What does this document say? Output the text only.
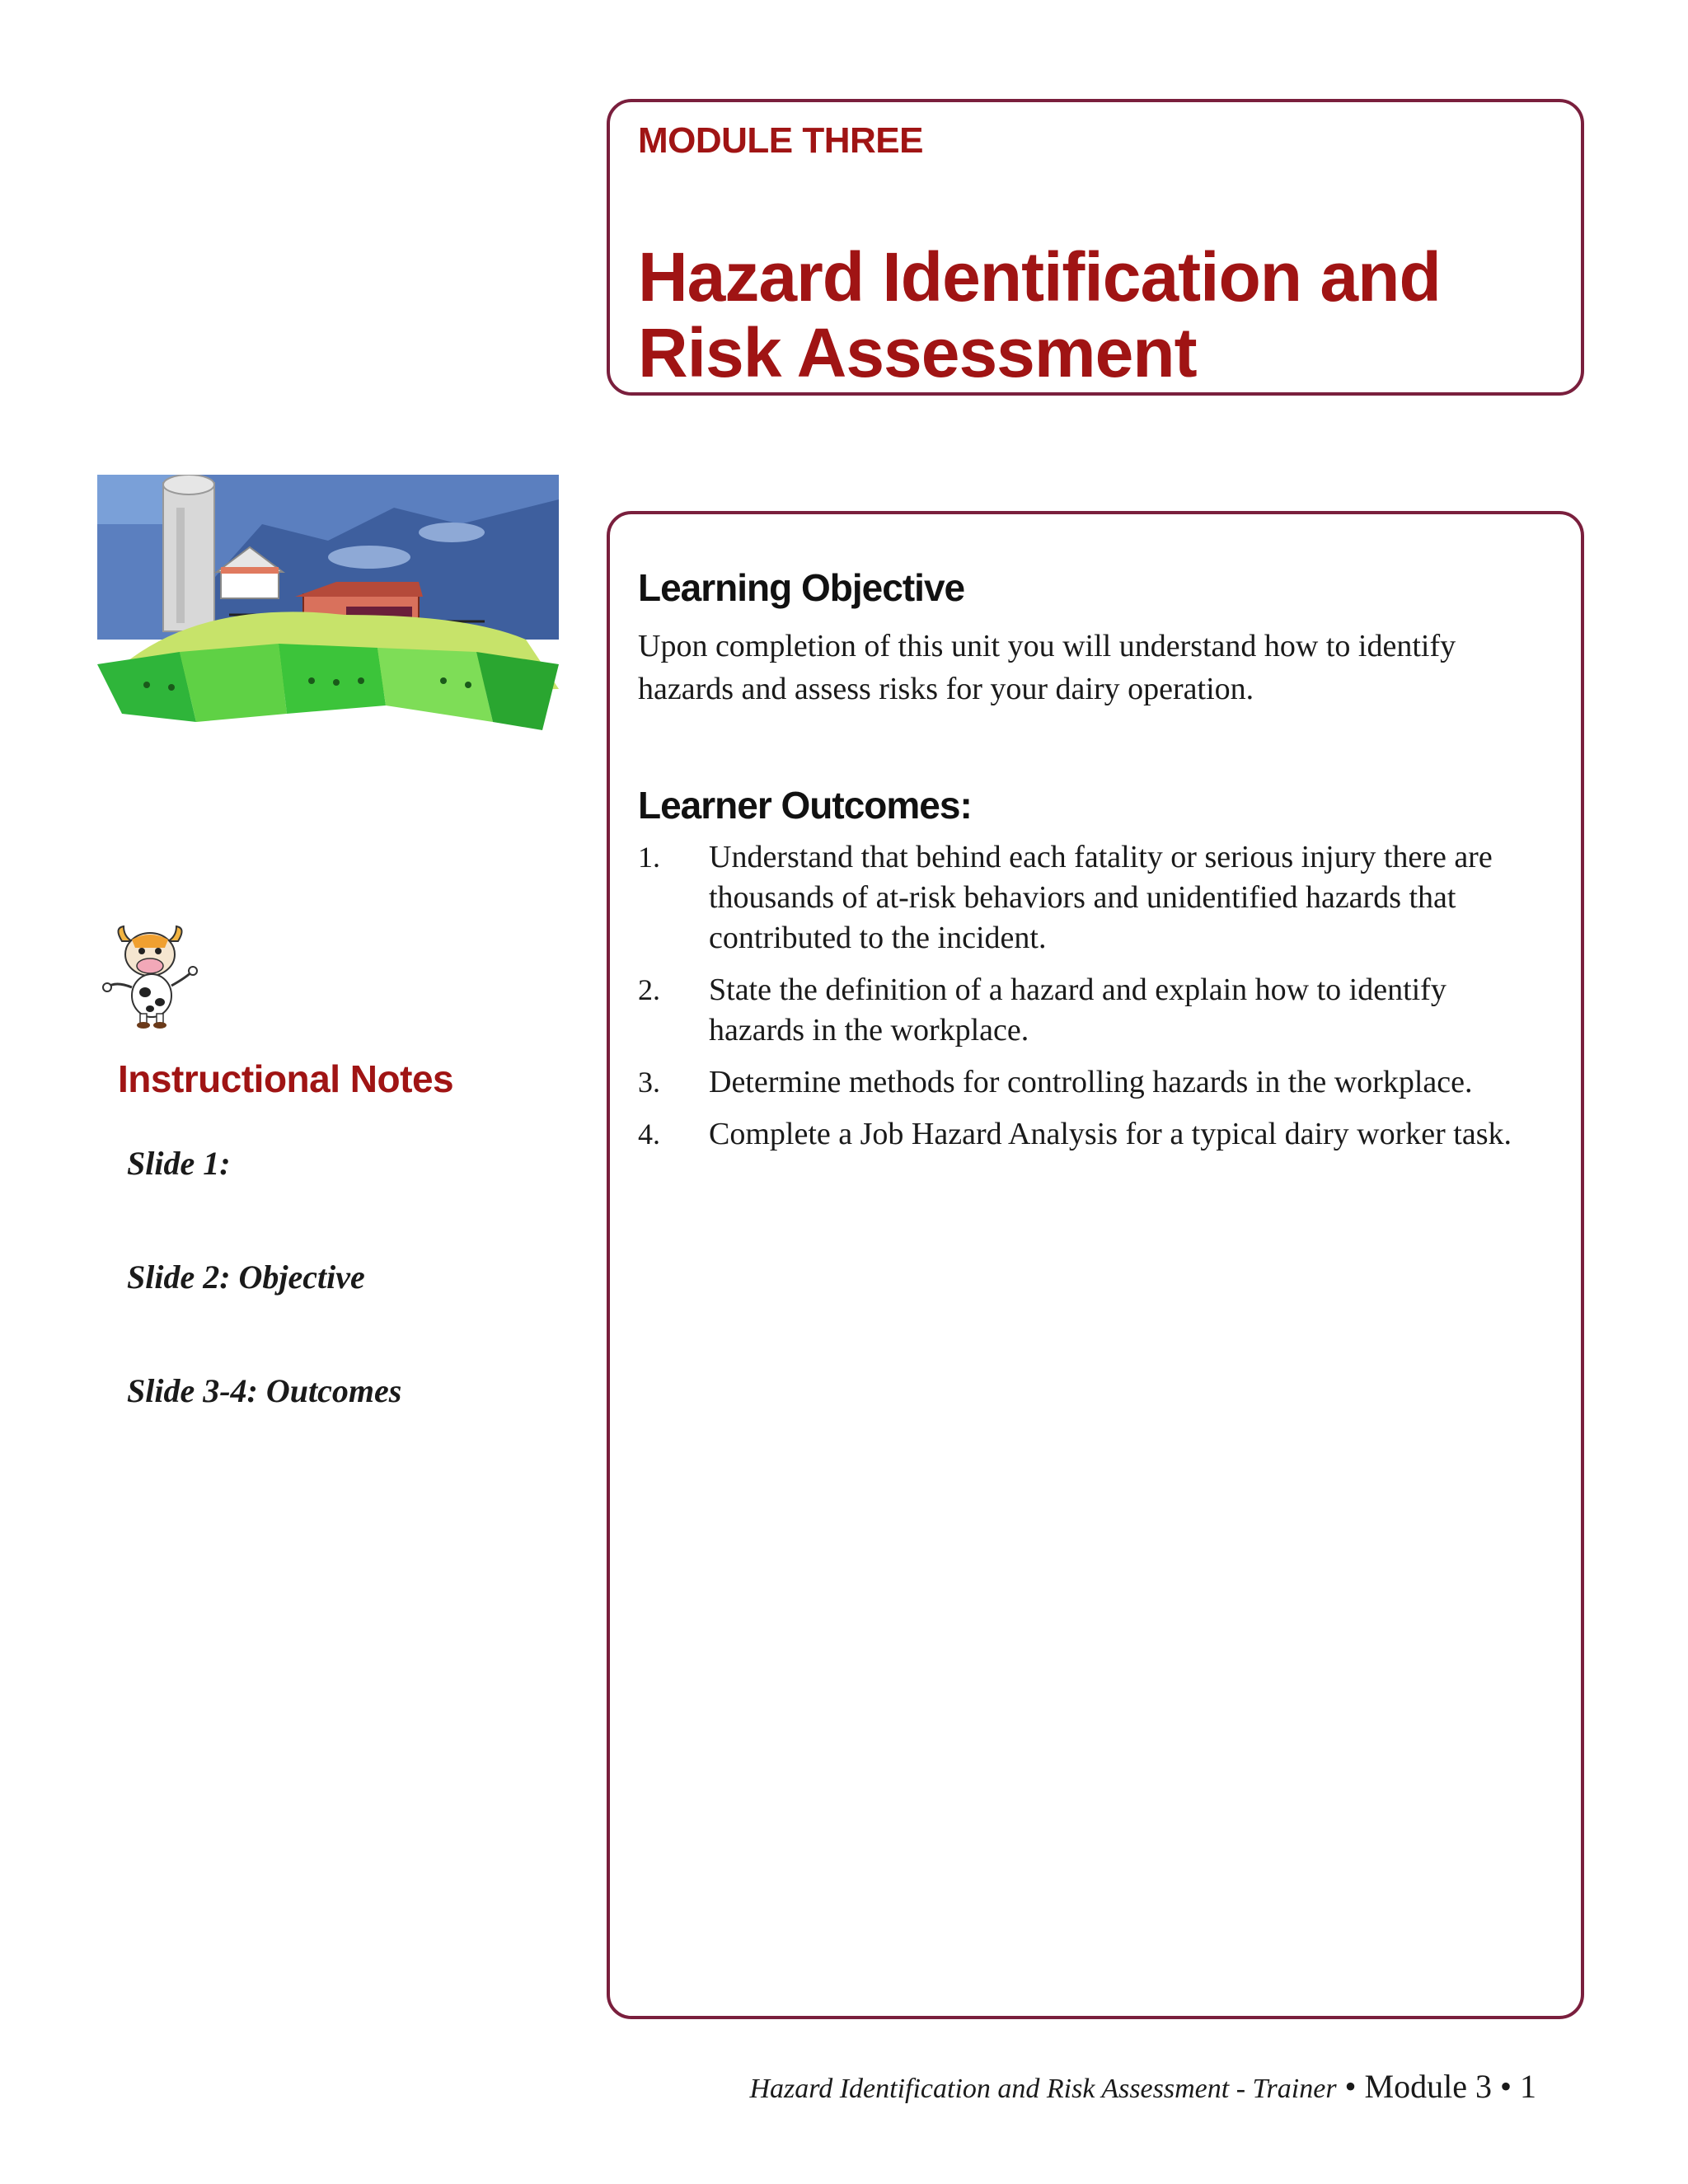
MODULE THREE
Hazard Identification and
Risk Assessment
Learning Objective
Upon completion of this unit you will understand how to identify hazards and assess risks for your dairy operation.
Learner Outcomes:
1. Understand that behind each fatality or serious injury there are thousands of at-risk behaviors and unidentified hazards that contributed to the incident.
2. State the definition of a hazard and explain how to identify hazards in the workplace.
3. Determine methods for controlling hazards in the workplace.
4. Complete a Job Hazard Analysis for a typical dairy worker task.
Instructional Notes
Slide 1:
Slide 2: Objective
Slide 3-4: Outcomes
Hazard Identification and Risk Assessment - Trainer • Module 3 • 1
